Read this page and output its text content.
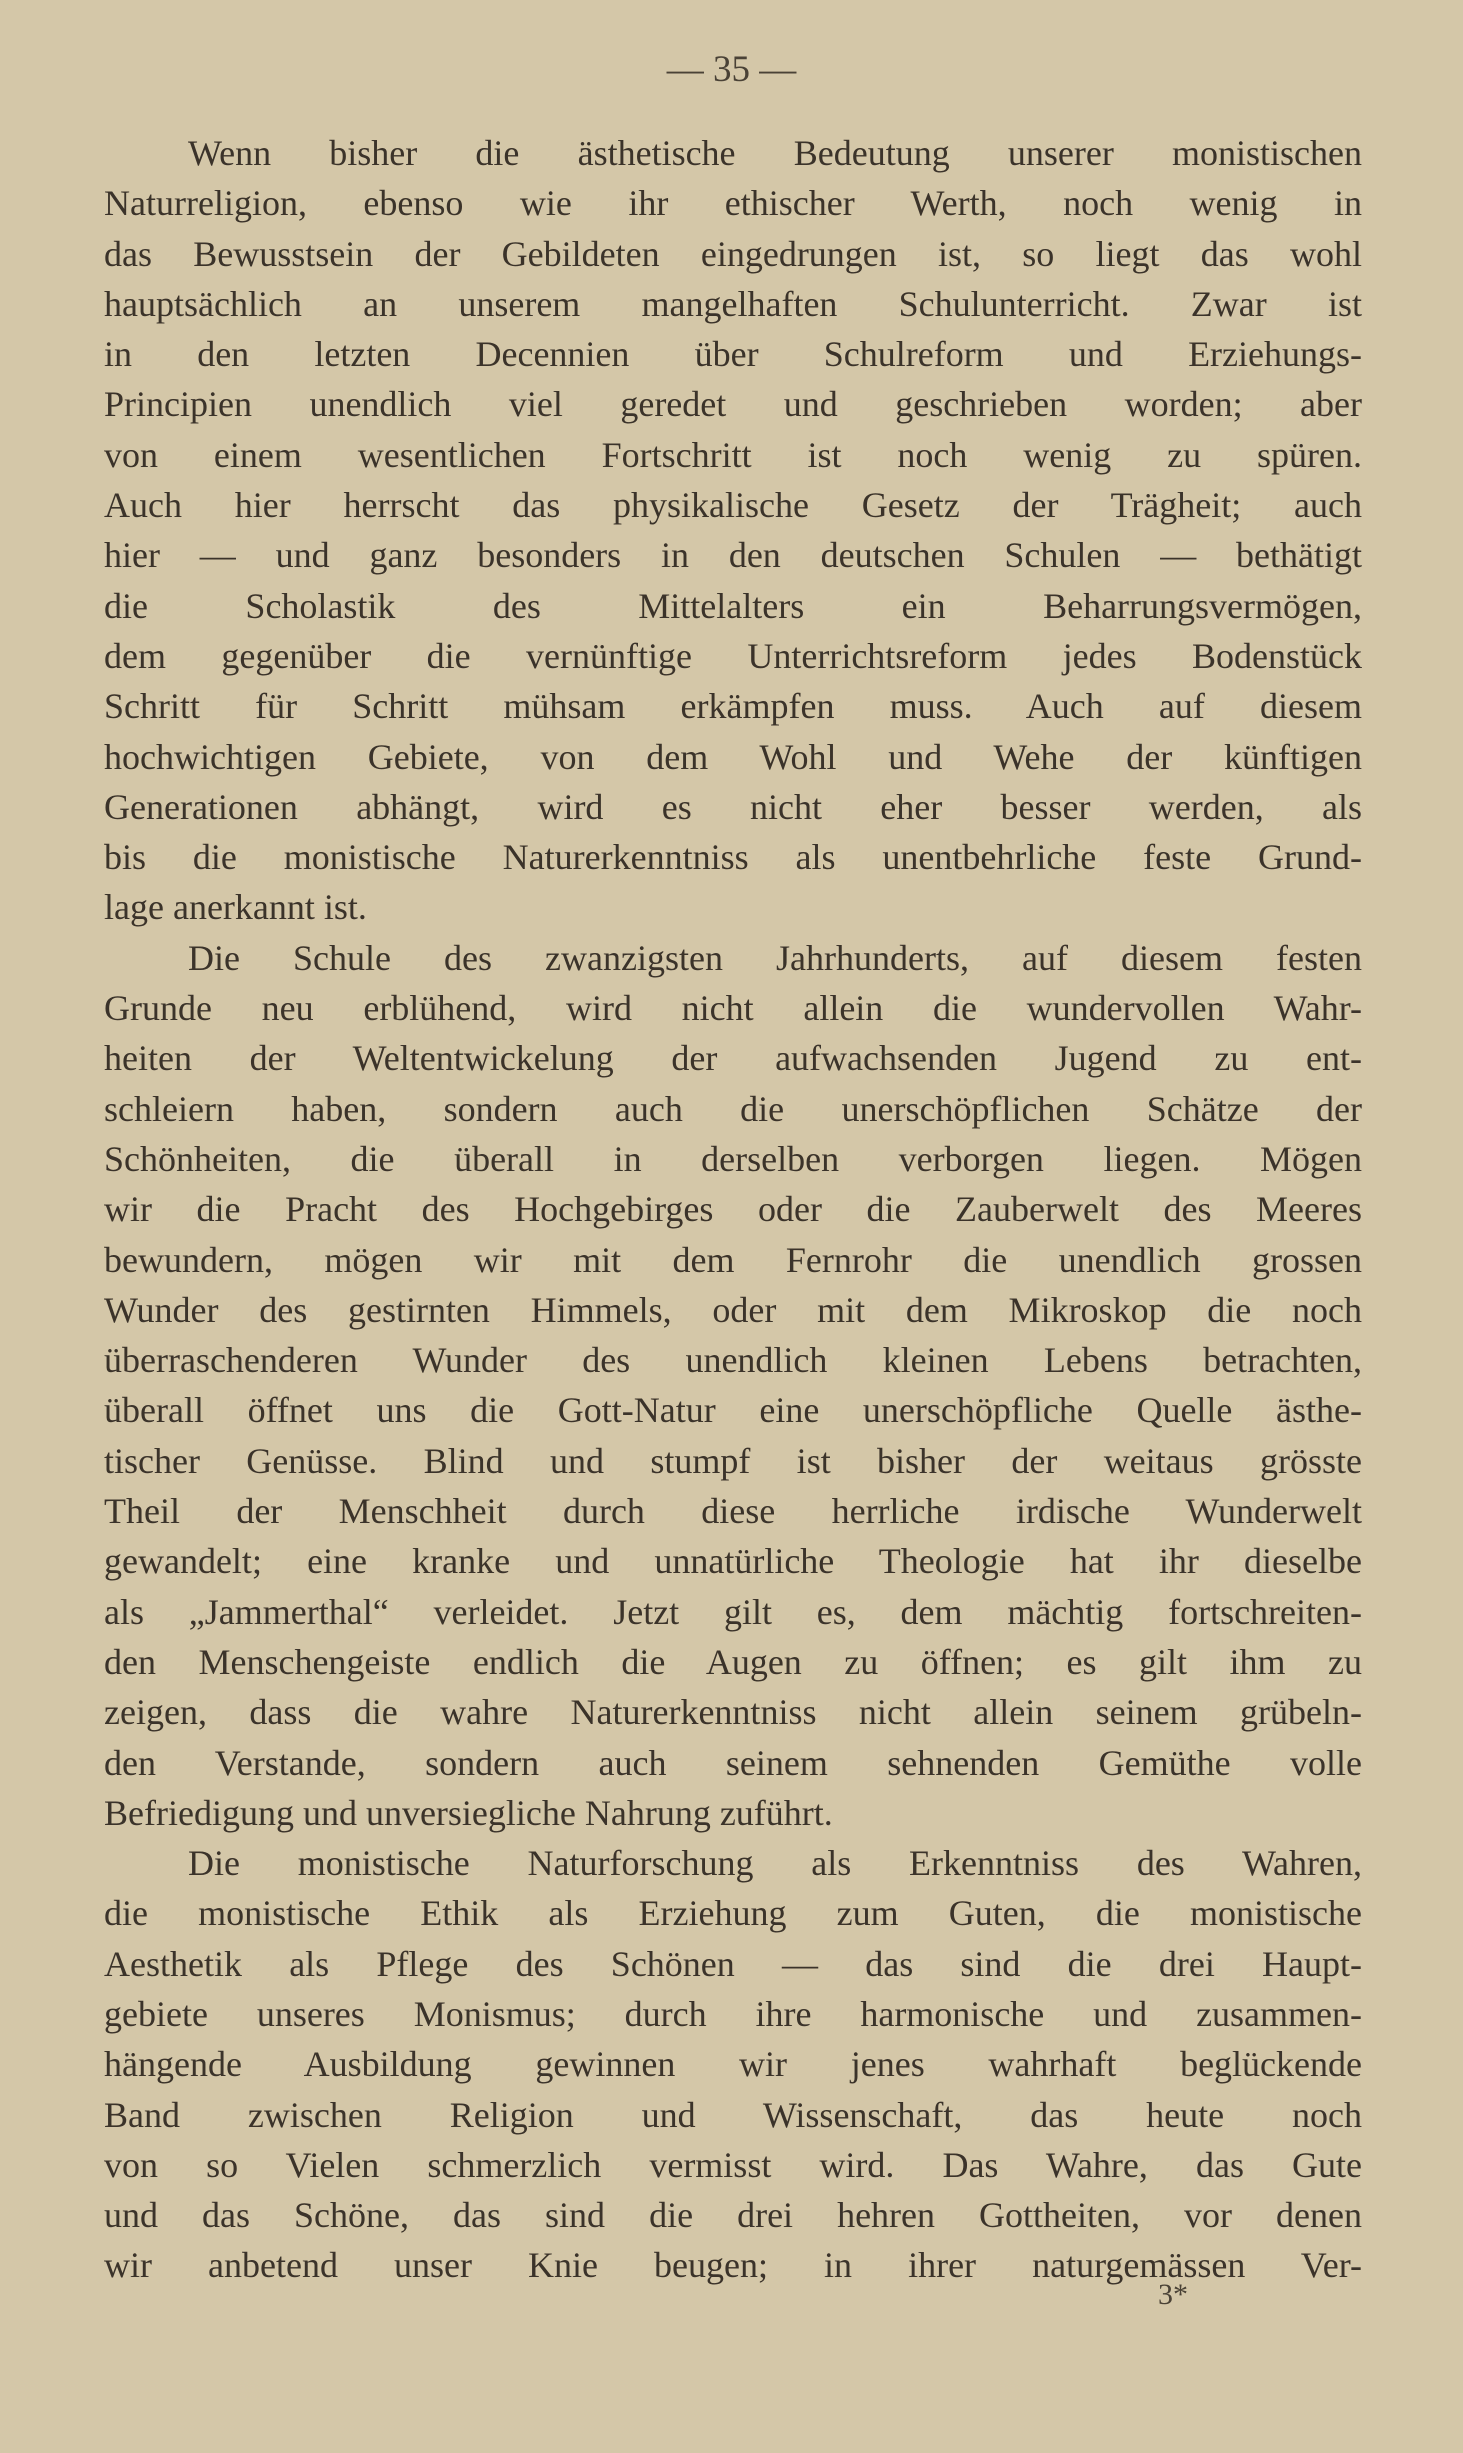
— 35 —
Wenn bisher die ästhetische Bedeutung unserer monistischen
Naturreligion, ebenso wie ihr ethischer Werth, noch wenig in
das Bewusstsein der Gebildeten eingedrungen ist, so liegt das wohl
hauptsächlich an unserem mangelhaften Schulunterricht. Zwar ist
in den letzten Decennien über Schulreform und Erziehungs-
Principien unendlich viel geredet und geschrieben worden; aber
von einem wesentlichen Fortschritt ist noch wenig zu spüren.
Auch hier herrscht das physikalische Gesetz der Trägheit; auch
hier — und ganz besonders in den deutschen Schulen — bethätigt
die Scholastik des Mittelalters ein Beharrungsvermögen,
dem gegenüber die vernünftige Unterrichtsreform jedes Bodenstück
Schritt für Schritt mühsam erkämpfen muss. Auch auf diesem
hochwichtigen Gebiete, von dem Wohl und Wehe der künftigen
Generationen abhängt, wird es nicht eher besser werden, als
bis die monistische Naturerkenntniss als unentbehrliche feste Grund-
lage anerkannt ist.
Die Schule des zwanzigsten Jahrhunderts, auf diesem festen
Grunde neu erblühend, wird nicht allein die wundervollen Wahr-
heiten der Weltentwickelung der aufwachsenden Jugend zu ent-
schleiern haben, sondern auch die unerschöpflichen Schätze der
Schönheiten, die überall in derselben verborgen liegen. Mögen
wir die Pracht des Hochgebirges oder die Zauberwelt des Meeres
bewundern, mögen wir mit dem Fernrohr die unendlich grossen
Wunder des gestirnten Himmels, oder mit dem Mikroskop die noch
überraschenderen Wunder des unendlich kleinen Lebens betrachten,
überall öffnet uns die Gott-Natur eine unerschöpfliche Quelle ästhe-
tischer Genüsse. Blind und stumpf ist bisher der weitaus grösste
Theil der Menschheit durch diese herrliche irdische Wunderwelt
gewandelt; eine kranke und unnatürliche Theologie hat ihr dieselbe
als „Jammerthal“ verleidet. Jetzt gilt es, dem mächtig fortschreiten-
den Menschengeiste endlich die Augen zu öffnen; es gilt ihm zu
zeigen, dass die wahre Naturerkenntniss nicht allein seinem grübeln-
den Verstande, sondern auch seinem sehnenden Gemüthe volle
Befriedigung und unversiegliche Nahrung zuführt.
Die monistische Naturforschung als Erkenntniss des Wahren,
die monistische Ethik als Erziehung zum Guten, die monistische
Aesthetik als Pflege des Schönen — das sind die drei Haupt-
gebiete unseres Monismus; durch ihre harmonische und zusammen-
hängende Ausbildung gewinnen wir jenes wahrhaft beglückende
Band zwischen Religion und Wissenschaft, das heute noch
von so Vielen schmerzlich vermisst wird. Das Wahre, das Gute
und das Schöne, das sind die drei hehren Gottheiten, vor denen
wir anbetend unser Knie beugen; in ihrer naturgemässen Ver-
3*
